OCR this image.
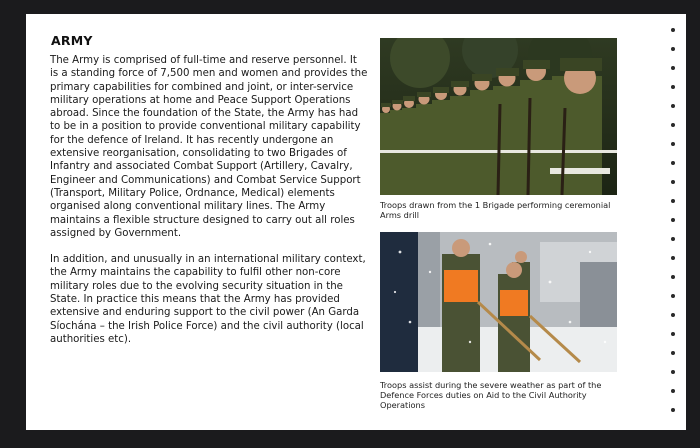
ARMY

The Army is comprised of full-time and reserve personnel. It is a standing force of 7,500 men and women and provides the primary capabilities for combined and joint, or inter-service military operations at home and Peace Support Operations abroad. Since the foundation of the State, the Army has had to be in a position to provide conventional military capability for the defence of Ireland. It has recently undergone an extensive reorganisation, consolidating to two Brigades of Infantry and associated Combat Support (Artillery, Cavalry, Engineer and Communications) and Combat Service Support (Transport, Military Police, Ordnance, Medical) elements organised along conventional military lines. The Army maintains a flexible structure designed to carry out all roles assigned by Government.

In addition, and unusually in an international military context, the Army maintains the capability to fulfil other non-core military roles due to the evolving security situation in the State. In practice this means that the Army has provided extensive and enduring support to the civil power (An Garda Síochána – the Irish Police Force) and the civil authority (local authorities etc).

Troops drawn from the 1 Brigade performing ceremonial Arms drill
Troops assist during the severe weather as part of the Defence Forces duties on Aid to the Civil Authority Operations
